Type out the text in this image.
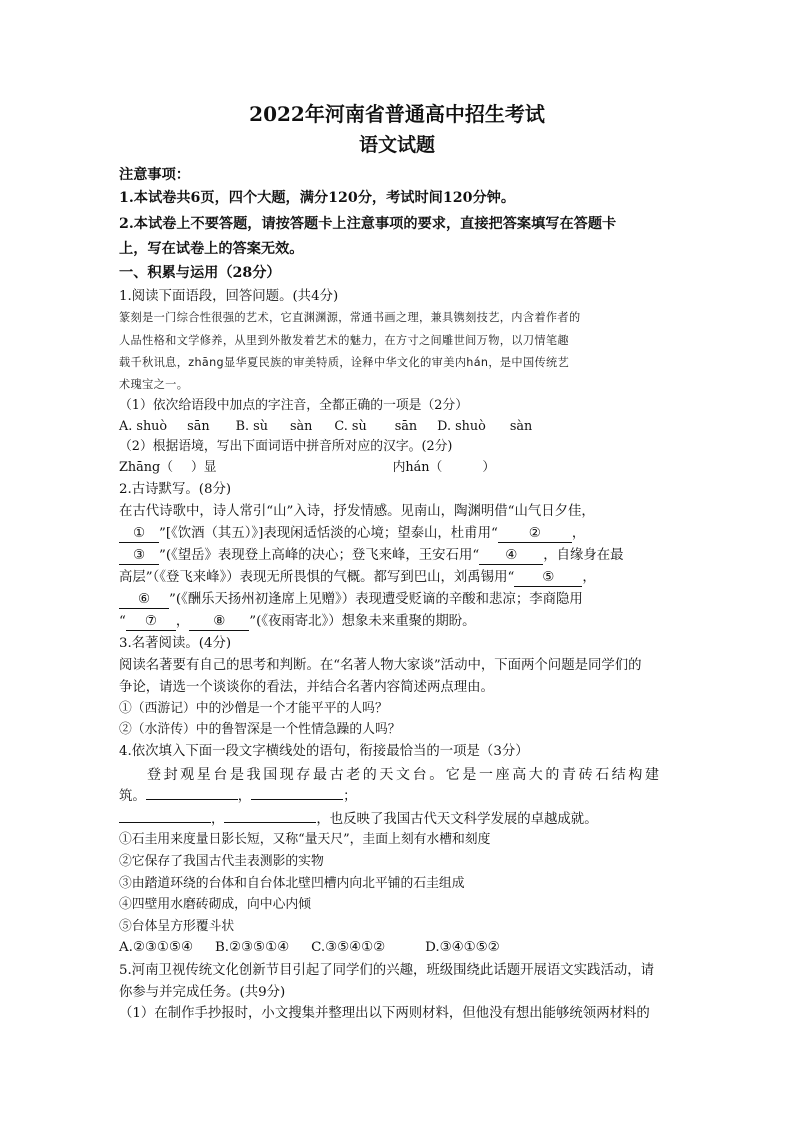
2022年河南省普通高中招生考试
语文试题
注意事项：
1.本试卷共6页，四个大题，满分120分，考试时间120分钟。
2.本试卷上不要答题，请按答题卡上注意事项的要求，直接把答案填写在答题卡
上，写在试卷上的答案无效。
一、积累与运用（28分）
1.阅读下面语段，回答问题。(共4分)
篆刻是一门综合性很强的艺术，它直渊渊源，常通书画之理，兼具镌刻技艺，内含着作者的
人品性格和文学修养，从里到外散发着艺术的魅力，在方寸之间雕世间万物，以刀情笔趣
载千秋讯息，zhāng显华夏民族的审美特质，诠释中华文化的审美内hán，是中国传统艺
术瑰宝之一。
（1）依次给语段中加点的字注音，全都正确的一项是（2分）
A. shuò sān B. sù sàn C. sù sān D. shuò sàn
（2）根据语境，写出下面词语中拼音所对应的汉字。(2分)
Zhāng（ ）显	内hán（	）
2.古诗默写。(8分)
在古代诗歌中，诗人常引“山”入诗，抒发情感。见南山，陶渊明借“山气日夕佳，
① ”[《饮酒（其五）》]表现闲适恬淡的心境；望泰山，杜甫用“ ② ，
③ ”(《望岳》表现登上高峰的决心；登飞来峰，王安石用“ ④ ，自缘身在最
高层”（《登飞来峰》）表现无所畏惧的气概。都写到巴山，刘禹锡用“ ⑤ ，
⑥ ”(《酬乐天扬州初逢席上见赠》）表现遭受贬谪的辛酸和悲凉；李商隐用
“ ⑦ ， ⑧ ”(《夜雨寄北》）想象未来重聚的期盼。
3.名著阅读。(4分)
阅读名著要有自己的思考和判断。在“名著人物大家谈”活动中，下面两个问题是同学们的
争论，请选一个谈谈你的看法，并结合名著内容简述两点理由。
①（西游记）中的沙僧是一个才能平平的人吗？
②（水浒传）中的鲁智深是一个性情急躁的人吗？
4.依次填入下面一段文字横线处的语句，衔接最恰当的一项是（3分）
登封观星台是我国现存最古老的天文台。它是一座高大的青砖石结构建
筑。	，	；
，	，也反映了我国古代天文科学发展的卓越成就。
①石圭用来度量日影长短，又称“量天尺”，圭面上刻有水槽和刻度
②它保存了我国古代圭表测影的实物
③由踏道环绕的台体和自台体北壁凹槽内向北平铺的石圭组成
④四壁用水磨砖砌成，向中心内倾
⑤台体呈方形覆斗状
A.②③①⑤④ B.②③⑤①④ C.③⑤④①②	D.③④①⑤②
5.河南卫视传统文化创新节目引起了同学们的兴趣，班级围绕此话题开展语文实践活动，请
你参与并完成任务。(共9分)
（1）在制作手抄报时，小文搜集并整理出以下两则材料，但他没有想出能够统领两材料的
